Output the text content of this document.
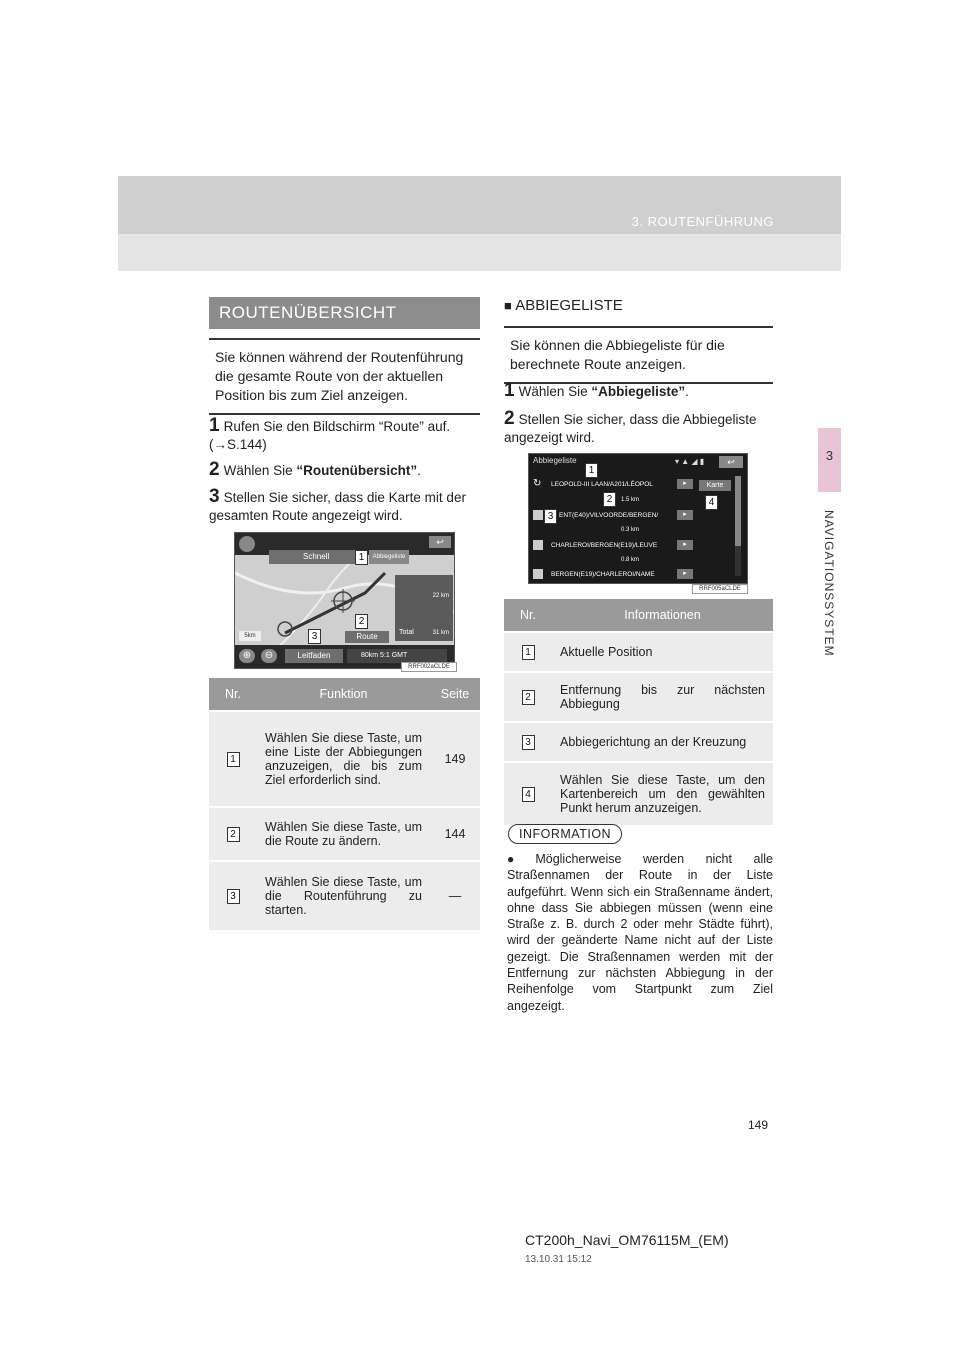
3. ROUTENFÜHRUNG
3
NAVIGATIONSSYSTEM
ROUTENÜBERSICHT
Sie können während der Routenführung die gesamte Route von der aktuellen Position bis zum Ziel anzeigen.
1 Rufen Sie den Bildschirm “Route” auf. (→S.144)
2 Wählen Sie “Routenübersicht”.
3 Stellen Sie sicher, dass die Karte mit der gesamten Route angezeigt wird.
Schnell	Abbiegeliste
↩
22 km
Total	31 km
Route
5km
⊕	⊖	Leitfaden	80km 5:1 GMT
1
2
3
RRF002aCLDE
Nr.	Funktion	Seite
1	Wählen Sie diese Taste, um eine Liste der Abbiegungen anzuzeigen, die bis zum Ziel erforderlich sind.	149
2	Wählen Sie diese Taste, um die Route zu ändern.	144
3	Wählen Sie diese Taste, um die Routenführung zu starten.	—
■ ABBIEGELISTE
Sie können die Abbiegeliste für die berechnete Route anzeigen.
1 Wählen Sie “Abbiegeliste”.
2 Stellen Sie sicher, dass die Abbiegeliste angezeigt wird.
Abbiegeliste	▾ ▲ ◢ ▮	↩
↻ LEOPOLD-III LAAN/A201/LÉOPOL	▸	Karte
1.5 km
ENT(E40)/VILVOORDE/BERGEN/	▸
0.3 km
CHARLEROI/BERGEN(E19)/LEUVE	▸
0.8 km
BERGEN(E19)/CHARLEROI/NAME	▸
1
2
3
4
RRF005aCLDE
Nr.	Informationen
1	Aktuelle Position
2	Entfernung bis zur nächsten Abbiegung
3	Abbiegerichtung an der Kreuzung
4	Wählen Sie diese Taste, um den Kartenbereich um den gewählten Punkt herum anzuzeigen.
INFORMATION
● Möglicherweise werden nicht alle Straßennamen der Route in der Liste aufgeführt. Wenn sich ein Straßenname ändert, ohne dass Sie abbiegen müssen (wenn eine Straße z. B. durch 2 oder mehr Städte führt), wird der geänderte Name nicht auf der Liste gezeigt. Die Straßennamen werden mit der Entfernung zur nächsten Abbiegung in der Reihenfolge vom Startpunkt zum Ziel angezeigt.
149
CT200h_Navi_OM76115M_(EM)
13.10.31 15:12
